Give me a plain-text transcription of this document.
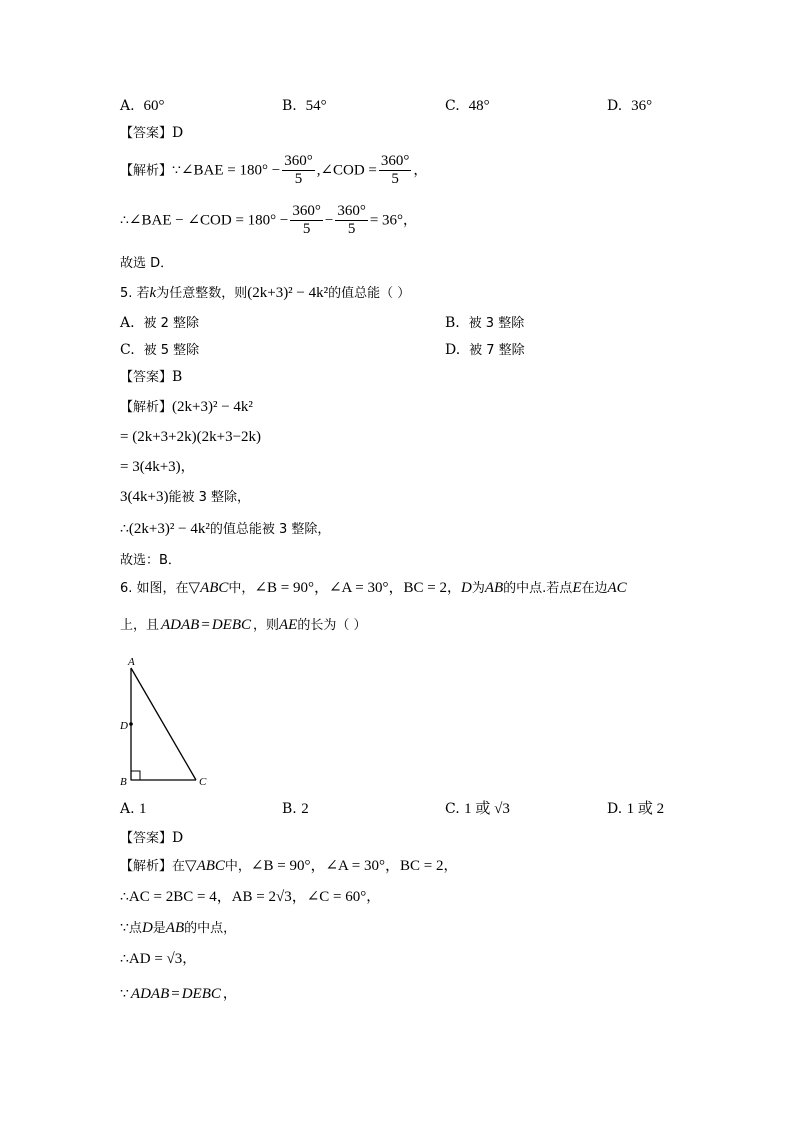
A. 60°	B. 54°	C. 48°	D. 36°
【答案】D
【解析】∵∠BAE = $180^\circ - \frac{360^\circ}{5}$ ,∠COD = $\frac{360^\circ}{5}$ ，
∴∠BAE − ∠COD = $180^\circ - \frac{360^\circ}{5} - \frac{360^\circ}{5} = 36^\circ$，
故选 D．
5. 若k为任意整数，则(2k+3)² − 4k²的值总能（ ）
A. 被 2 整除	B. 被 3 整除
C. 被 5 整除	D. 被 7 整除
【答案】B
【解析】(2k+3)² − 4k²
= (2k+3+2k)(2k+3−2k)
= 3(4k+3)，
3(4k+3)能被 3 整除，
∴(2k+3)² − 4k²的值总能被 3 整除，
故选：B．
6. 如图，在▽ABC中，∠B = 90°，∠A = 30°，BC = 2，D为AB的中点.若点E在边AC
上，且 ADAB = DEBC ，则AE的长为（ ）
A
D
B	C
A. 1	B. 2	C. 1 或 √3	D. 1 或 2
【答案】D
【解析】在▽ABC中，∠B = 90°，∠A = 30°，BC = 2，
∴AC = 2BC = 4，AB = 2√3，∠C = 60°，
∵点D是AB的中点，
∴AD = √3，
∵ ADAB = DEBC ，
